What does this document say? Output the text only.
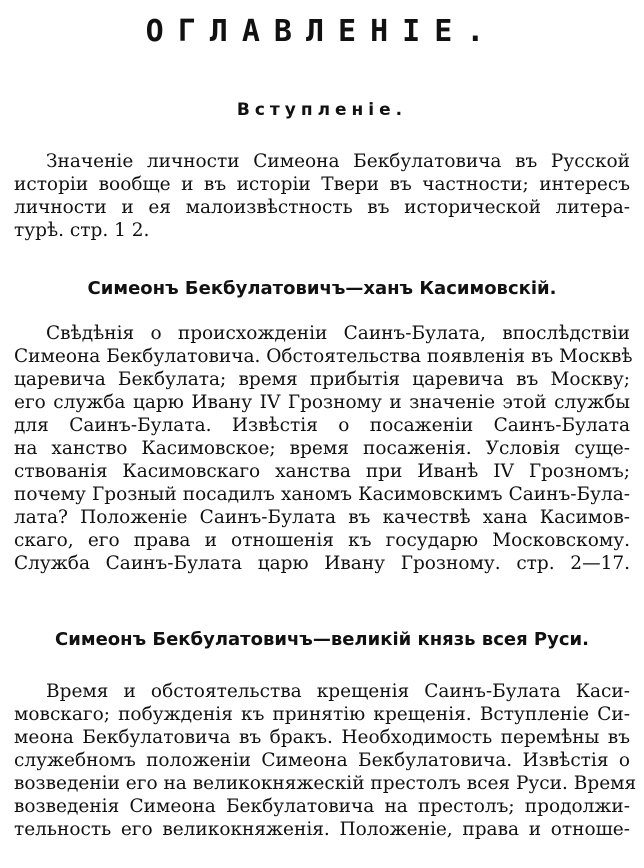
ОГЛАВЛЕНІЕ.
Вступленіе.
Значеніе личности Симеона Бекбулатовича въ Русской
исторіи вообще и въ исторіи Твери въ частности; интересъ
личности и ея малоизвѣстность въ исторической литера-
турѣ. стр. 1 2.
Симеонъ Бекбулатовичъ—ханъ Касимовскій.
Свѣдѣнія о происхожденіи Саинъ-Булата, впослѣдствіи
Симеона Бекбулатовича. Обстоятельства появленія въ Москвѣ
царевича Бекбулата; время прибытія царевича въ Москву;
его служба царю Ивану IV Грозному и значеніе этой службы
для Саинъ-Булата. Извѣстія о посаженіи Саинъ-Булата
на ханство Касимовское; время посаженія. Условія суще-
ствованія Касимовскаго ханства при Иванѣ IV Грозномъ;
почему Грозный посадилъ ханомъ Касимовскимъ Саинъ-Була-
лата? Положеніе Саинъ-Булата въ качествѣ хана Касимов-
скаго, его права и отношенія къ государю Московскому.
Служба Саинъ-Булата царю Ивану Грозному. стр. 2—17.
Симеонъ Бекбулатовичъ—великій князь всея Руси.
Время и обстоятельства крещенія Саинъ-Булата Каси-
мовскаго; побужденія къ принятію крещенія. Вступленіе Си-
меона Бекбулатовича въ бракъ. Необходимость перемѣны въ
служебномъ положеніи Симеона Бекбулатовича. Извѣстія о
возведеніи его на великокняжескій престолъ всея Руси. Время
возведенія Симеона Бекбулатовича на престолъ; продолжи-
тельность его великокняженія. Положеніе, права и отноше-
